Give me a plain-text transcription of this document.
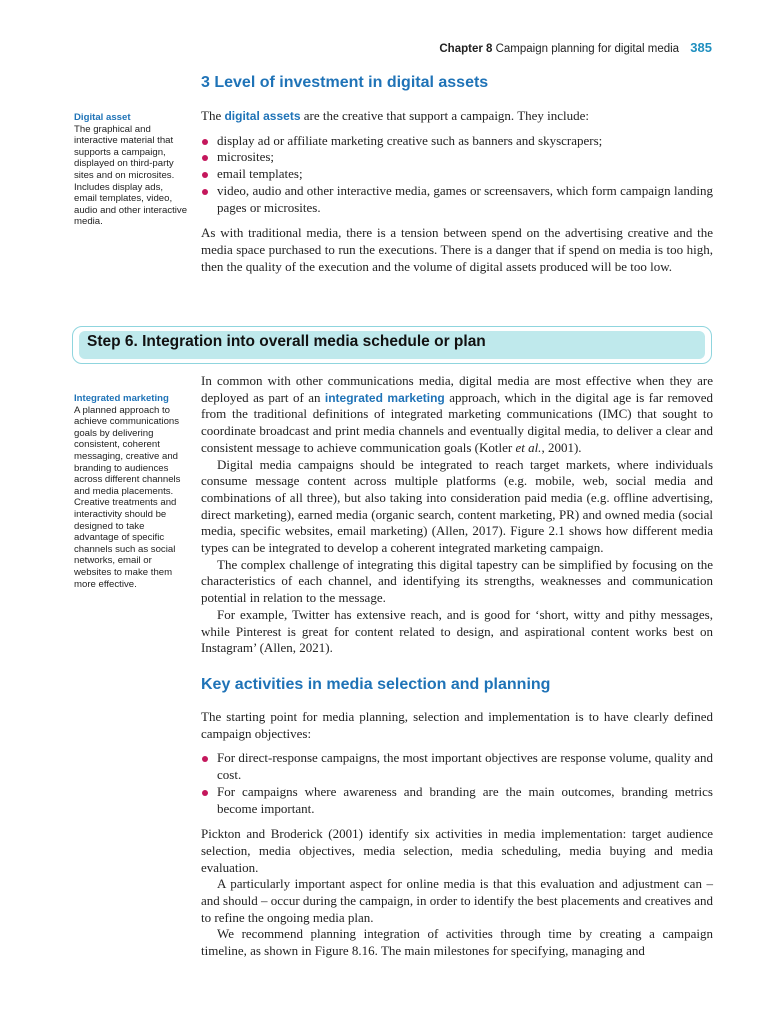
Chapter 8 Campaign planning for digital media 385
3 Level of investment in digital assets
Digital asset
The graphical and interactive material that supports a campaign, displayed on third-party sites and on microsites. Includes display ads, email templates, video, audio and other interactive media.

The digital assets are the creative that support a campaign. They include:

display ad or affiliate marketing creative such as banners and skyscrapers;
microsites;
email templates;
video, audio and other interactive media, games or screensavers, which form campaign landing pages or microsites.

As with traditional media, there is a tension between spend on the advertising creative and the media space purchased to run the executions. There is a danger that if spend on media is too high, then the quality of the execution and the volume of digital assets produced will be too low.

Step 6. Integration into overall media schedule or plan
Integrated marketing
A planned approach to achieve communications goals by delivering consistent, coherent messaging, creative and branding to audiences across different channels and media placements. Creative treatments and interactivity should be designed to take advantage of specific channels such as social networks, email or websites to make them more effective.

In common with other communications media, digital media are most effective when they are deployed as part of an integrated marketing approach, which in the digital age is far removed from the traditional definitions of integrated marketing communications (IMC) that sought to coordinate broadcast and print media channels and eventually digital media, to deliver a clear and consistent message to achieve communication goals (Kotler et al., 2001).

Digital media campaigns should be integrated to reach target markets, where individuals consume message content across multiple platforms (e.g. mobile, web, social media and combinations of all three), but also taking into consideration paid media (e.g. offline advertising, direct marketing), earned media (organic search, content marketing, PR) and owned media (social media, specific websites, email marketing) (Allen, 2017). Figure 2.1 shows how different media types can be integrated to develop a coherent integrated marketing campaign.

The complex challenge of integrating this digital tapestry can be simplified by focusing on the characteristics of each channel, and identifying its strengths, weaknesses and communication potential in relation to the message.

For example, Twitter has extensive reach, and is good for ‘short, witty and pithy messages, while Pinterest is great for content related to design, and aspirational content works best on Instagram’ (Allen, 2021).

Key activities in media selection and planning

The starting point for media planning, selection and implementation is to have clearly defined campaign objectives:

For direct-response campaigns, the most important objectives are response volume, quality and cost.
For campaigns where awareness and branding are the main outcomes, branding metrics become important.

Pickton and Broderick (2001) identify six activities in media implementation: target audience selection, media objectives, media selection, media scheduling, media buying and media evaluation.

A particularly important aspect for online media is that this evaluation and adjustment can – and should – occur during the campaign, in order to identify the best placements and creatives and to refine the ongoing media plan.

We recommend planning integration of activities through time by creating a campaign timeline, as shown in Figure 8.16. The main milestones for specifying, managing and
